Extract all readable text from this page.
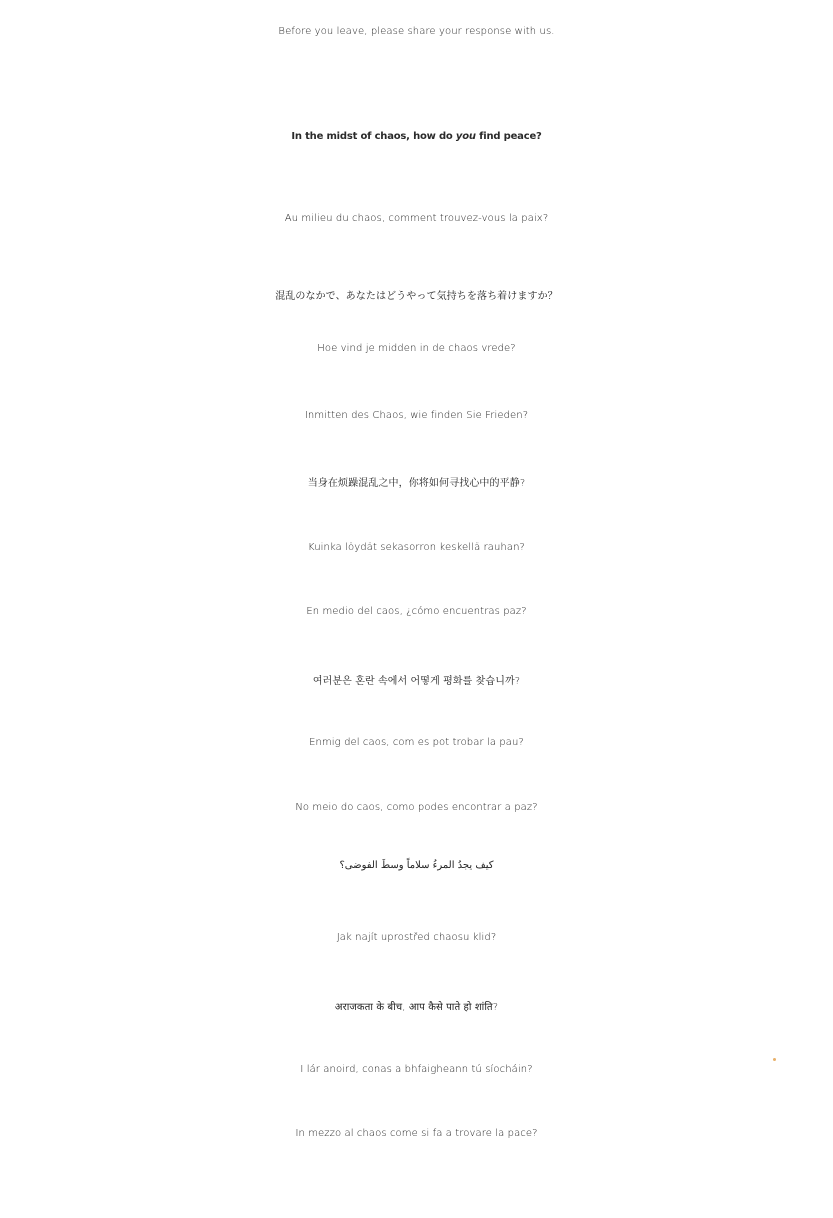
Before you leave, please share your response with us.
In the midst of chaos, how do you find peace?
Au milieu du chaos, comment trouvez-vous la paix?
混乱のなかで、あなたはどうやって気持ちを落ち着けますか？
Hoe vind je midden in de chaos vrede?
Inmitten des Chaos, wie finden Sie Frieden?
当身在烦躁混乱之中，你将如何寻找心中的平静?
Kuinka löydät sekasorron keskellä rauhan?
En medio del caos, ¿cómo encuentras paz?
여러분은 혼란 속에서 어떻게 평화를 찾습니까?
Enmig del caos, com es pot trobar la pau?
No meio do caos, como podes encontrar a paz?
كيف يجدُ المرءُ سلاماً وسطَ الفوضى؟
Jak najít uprostřed chaosu klid?
अराजकता के बीच, आप कैसे पाते हो शांति?
I lár anoird, conas a bhfaigheann tú síocháin?
In mezzo al chaos come si fa a trovare la pace?
